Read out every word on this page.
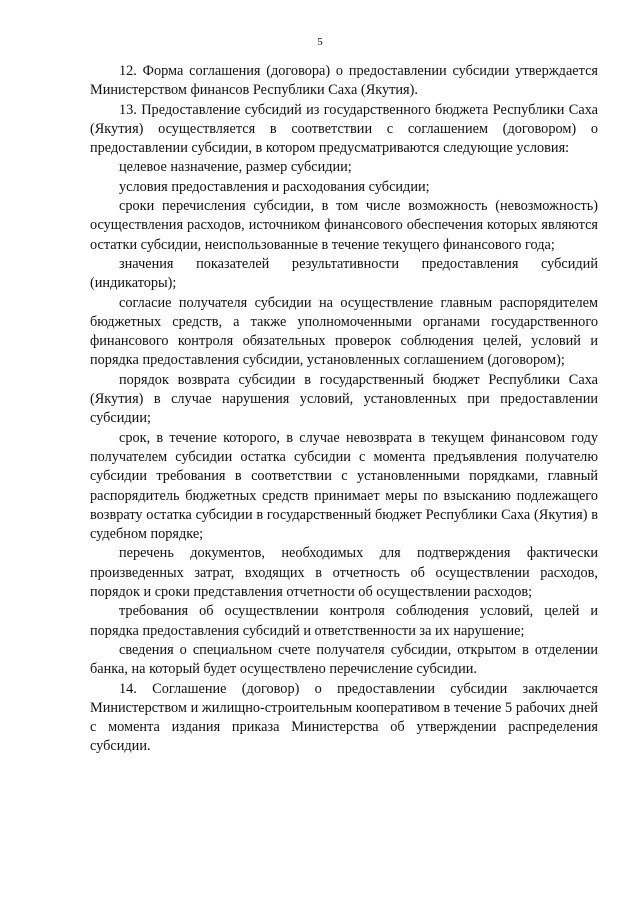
5

12. Форма соглашения (договора) о предоставлении субсидии утверждается Министерством финансов Республики Саха (Якутия).

13. Предоставление субсидий из государственного бюджета Республики Саха (Якутия) осуществляется в соответствии с соглашением (договором) о предоставлении субсидии, в котором предусматриваются следующие условия:

целевое назначение, размер субсидии;

условия предоставления и расходования субсидии;

сроки перечисления субсидии, в том числе возможность (невозможность) осуществления расходов, источником финансового обеспечения которых являются остатки субсидии, неиспользованные в течение текущего финансового года;

значения показателей результативности предоставления субсидий (индикаторы);

согласие получателя субсидии на осуществление главным распорядителем бюджетных средств, а также уполномоченными органами государственного финансового контроля обязательных проверок соблюдения целей, условий и порядка предоставления субсидии, установленных соглашением (договором);

порядок возврата субсидии в государственный бюджет Республики Саха (Якутия) в случае нарушения условий, установленных при предоставлении субсидии;

срок, в течение которого, в случае невозврата в текущем финансовом году получателем субсидии остатка субсидии с момента предъявления получателю субсидии требования в соответствии с установленными порядками, главный распорядитель бюджетных средств принимает меры по взысканию подлежащего возврату остатка субсидии в государственный бюджет Республики Саха (Якутия) в судебном порядке;

перечень документов, необходимых для подтверждения фактически произведенных затрат, входящих в отчетность об осуществлении расходов, порядок и сроки представления отчетности об осуществлении расходов;

требования об осуществлении контроля соблюдения условий, целей и порядка предоставления субсидий и ответственности за их нарушение;

сведения о специальном счете получателя субсидии, открытом в отделении банка, на который будет осуществлено перечисление субсидии.

14. Соглашение (договор) о предоставлении субсидии заключается Министерством и жилищно-строительным кооперативом в течение 5 рабочих дней с момента издания приказа Министерства об утверждении распределения субсидии.
